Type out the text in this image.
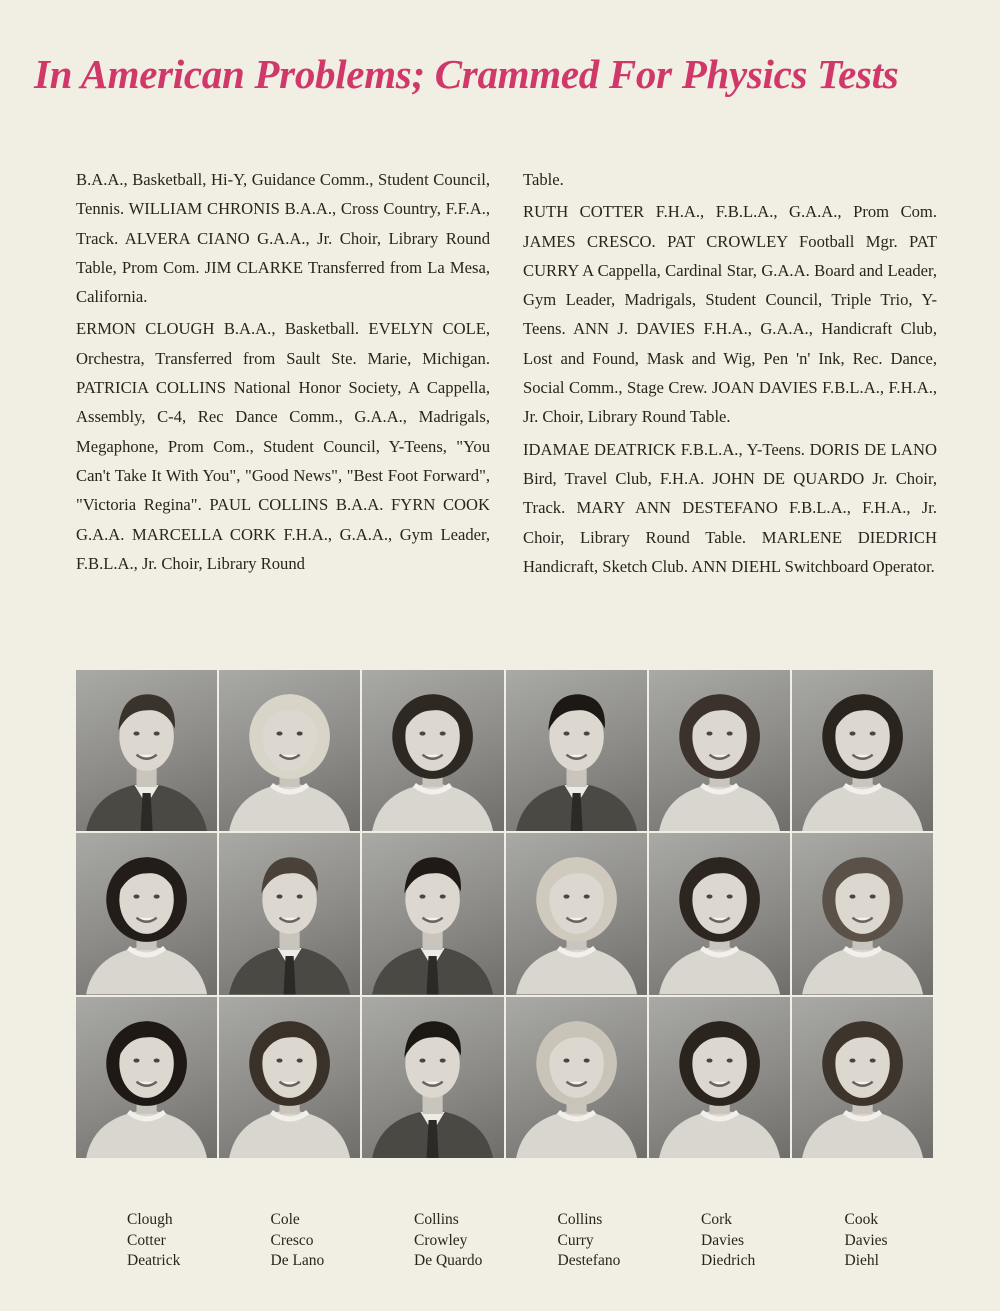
In American Problems; Crammed For Physics Tests

B.A.A., Basketball, Hi-Y, Guidance Comm., Student Council, Tennis. WILLIAM CHRONIS B.A.A., Cross Country, F.F.A., Track. ALVERA CIANO G.A.A., Jr. Choir, Library Round Table, Prom Com. JIM CLARKE Transferred from La Mesa, California.

ERMON CLOUGH B.A.A., Basketball. EVELYN COLE, Orchestra, Transferred from Sault Ste. Marie, Michigan. PATRICIA COLLINS National Honor Society, A Cappella, Assembly, C-4, Rec Dance Comm., G.A.A., Madrigals, Megaphone, Prom Com., Student Council, Y-Teens, "You Can't Take It With You", "Good News", "Best Foot Forward", "Victoria Regina". PAUL COLLINS B.A.A. FYRN COOK G.A.A. MARCELLA CORK F.H.A., G.A.A., Gym Leader, F.B.L.A., Jr. Choir, Library Round

Table.

RUTH COTTER F.H.A., F.B.L.A., G.A.A., Prom Com. JAMES CRESCO. PAT CROWLEY Football Mgr. PAT CURRY A Cappella, Cardinal Star, G.A.A. Board and Leader, Gym Leader, Madrigals, Student Council, Triple Trio, Y-Teens. ANN J. DAVIES F.H.A., G.A.A., Handicraft Club, Lost and Found, Mask and Wig, Pen 'n' Ink, Rec. Dance, Social Comm., Stage Crew. JOAN DAVIES F.B.L.A., F.H.A., Jr. Choir, Library Round Table.

IDAMAE DEATRICK F.B.L.A., Y-Teens. DORIS DE LANO Bird, Travel Club, F.H.A. JOHN DE QUARDO Jr. Choir, Track. MARY ANN DESTEFANO F.B.L.A., F.H.A., Jr. Choir, Library Round Table. MARLENE DIEDRICH Handicraft, Sketch Club. ANN DIEHL Switchboard Operator.

Clough
Cotter
Deatrick
Cole
Cresco
De Lano
Collins
Crowley
De Quardo
Collins
Curry
Destefano
Cork
Davies
Diedrich
Cook
Davies
Diehl
